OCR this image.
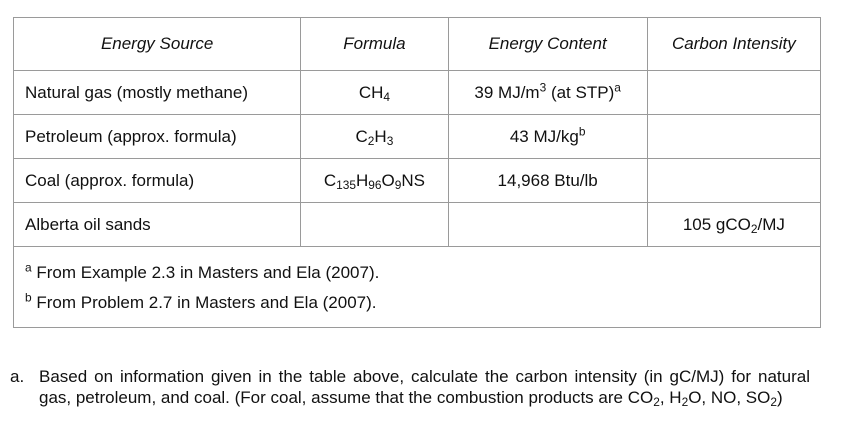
Energy Source	Formula	Energy Content	Carbon Intensity
Natural gas (mostly methane)	$CH_4$	39 $MJ/m^3$ (at STP)$^a$	
Petroleum (approx. formula)	$C_2H_3$	43 $MJ/kg^b$	
Coal (approx. formula)	$C_{135}H_{96}O_9NS$	14,968 Btu/lb	
Alberta oil sands			105 gCO$_2$/MJ

$^a$ From Example 2.3 in Masters and Ela (2007).
$^b$ From Problem 2.7 in Masters and Ela (2007).			
a. Based on information given in the table above, calculate the carbon intensity (in gC/MJ) for natural gas, petroleum, and coal. (For coal, assume that the combustion products are $CO_2$, $H_2O$, NO, $SO_2$)
